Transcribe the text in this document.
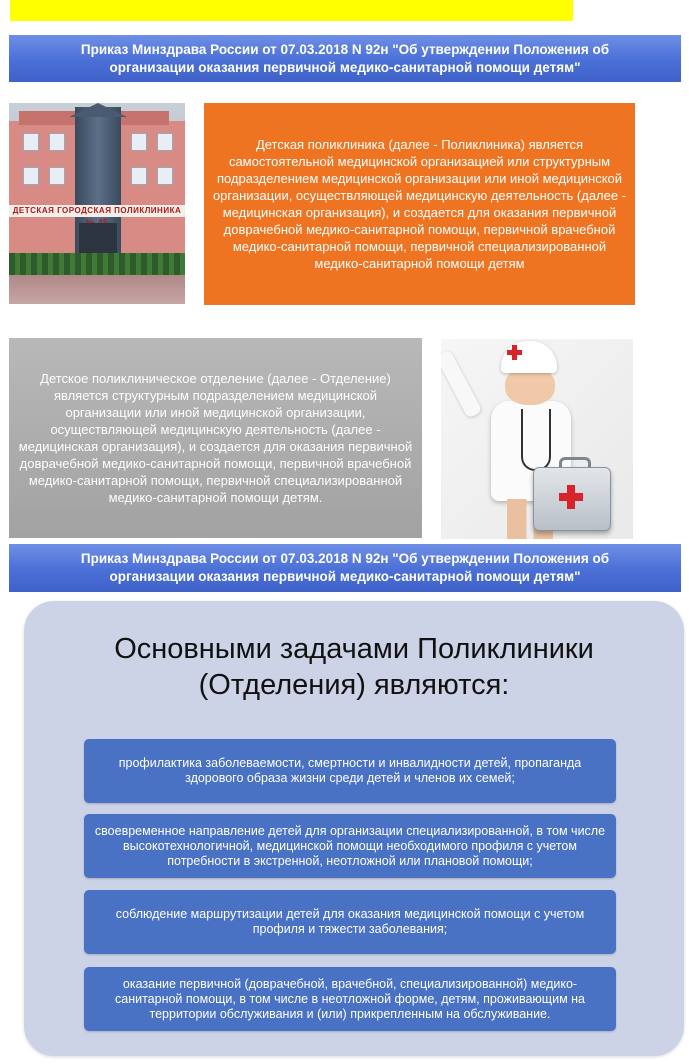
Приказ Минздрава России от 07.03.2018 N 92н "Об утверждении Положения об
организации оказания первичной медико-санитарной помощи детям"
ДЕТСКАЯ ГОРОДСКАЯ ПОЛИКЛИНИКА
Детская поликлиника (далее - Поликлиника) является самостоятельной медицинской организацией или структурным подразделением медицинской организации или иной медицинской организации, осуществляющей медицинскую деятельность (далее - медицинская организация), и создается для оказания первичной доврачебной медико-санитарной помощи, первичной врачебной медико-санитарной помощи, первичной специализированной медико-санитарной помощи детям
Детское поликлиническое отделение (далее - Отделение) является структурным подразделением медицинской организации или иной медицинской организации, осуществляющей медицинскую деятельность (далее - медицинская организация), и создается для оказания первичной доврачебной медико-санитарной помощи, первичной врачебной медико-санитарной помощи, первичной специализированной медико-санитарной помощи детям.
Приказ Минздрава России от 07.03.2018 N 92н "Об утверждении Положения об
организации оказания первичной медико-санитарной помощи детям"
Основными задачами Поликлиники
(Отделения) являются:
профилактика заболеваемости, смертности и инвалидности детей, пропаганда здорового образа жизни среди детей и членов их семей;
своевременное направление детей для организации специализированной, в том числе высокотехнологичной, медицинской помощи необходимого профиля с учетом потребности в экстренной, неотложной или плановой помощи;
соблюдение маршрутизации детей для оказания медицинской помощи с учетом профиля и тяжести заболевания;
оказание первичной (доврачебной, врачебной, специализированной) медико-санитарной помощи, в том числе в неотложной форме, детям, проживающим на территории обслуживания и (или) прикрепленным на обслуживание.
